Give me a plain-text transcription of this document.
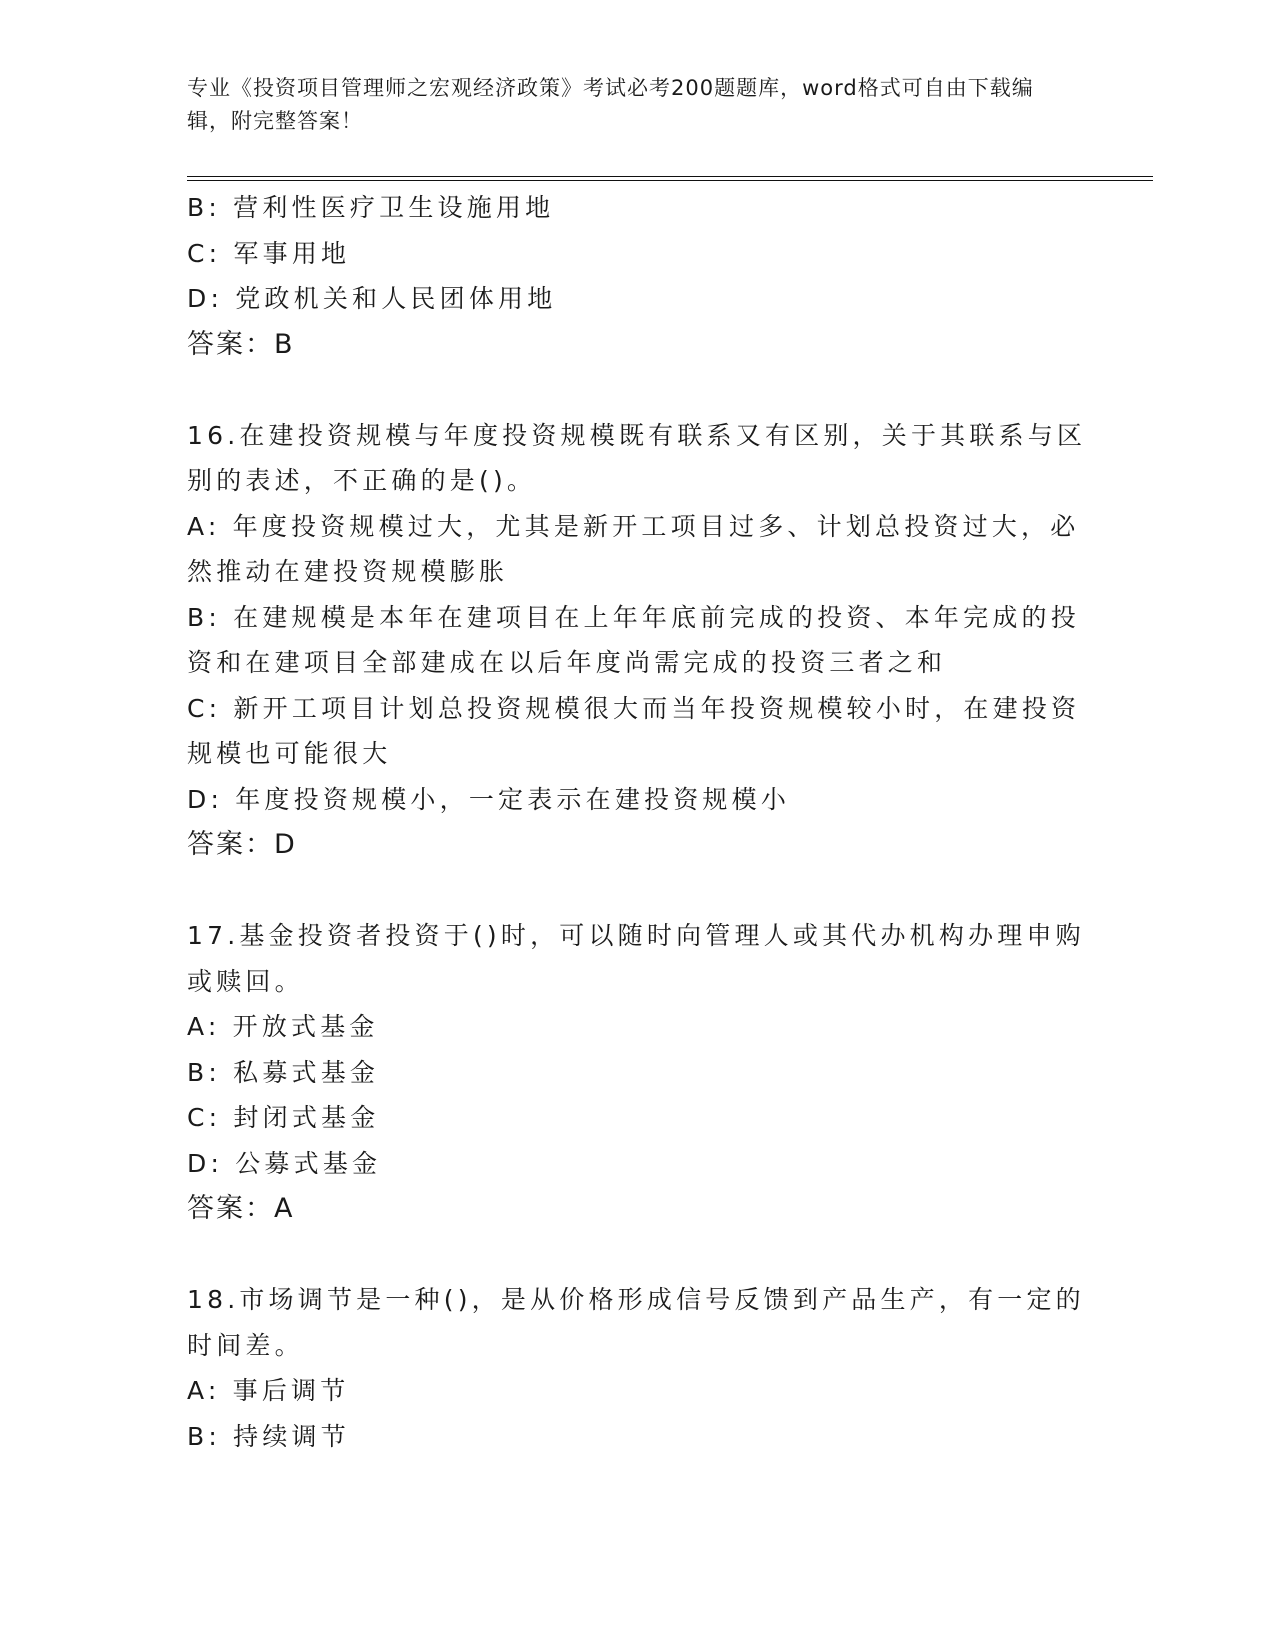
专业《投资项目管理师之宏观经济政策》考试必考200题题库，word格式可自由下载编辑，附完整答案！
B: 营利性医疗卫生设施用地
C: 军事用地
D: 党政机关和人民团体用地
答案：B
16.在建投资规模与年度投资规模既有联系又有区别，关于其联系与区
别的表述，不正确的是()。
A: 年度投资规模过大，尤其是新开工项目过多、计划总投资过大，必
然推动在建投资规模膨胀
B: 在建规模是本年在建项目在上年年底前完成的投资、本年完成的投
资和在建项目全部建成在以后年度尚需完成的投资三者之和
C: 新开工项目计划总投资规模很大而当年投资规模较小时，在建投资
规模也可能很大
D: 年度投资规模小，一定表示在建投资规模小
答案：D
17.基金投资者投资于()时，可以随时向管理人或其代办机构办理申购
或赎回。
A: 开放式基金
B: 私募式基金
C: 封闭式基金
D: 公募式基金
答案：A
18.市场调节是一种()，是从价格形成信号反馈到产品生产，有一定的
时间差。
A: 事后调节
B: 持续调节
